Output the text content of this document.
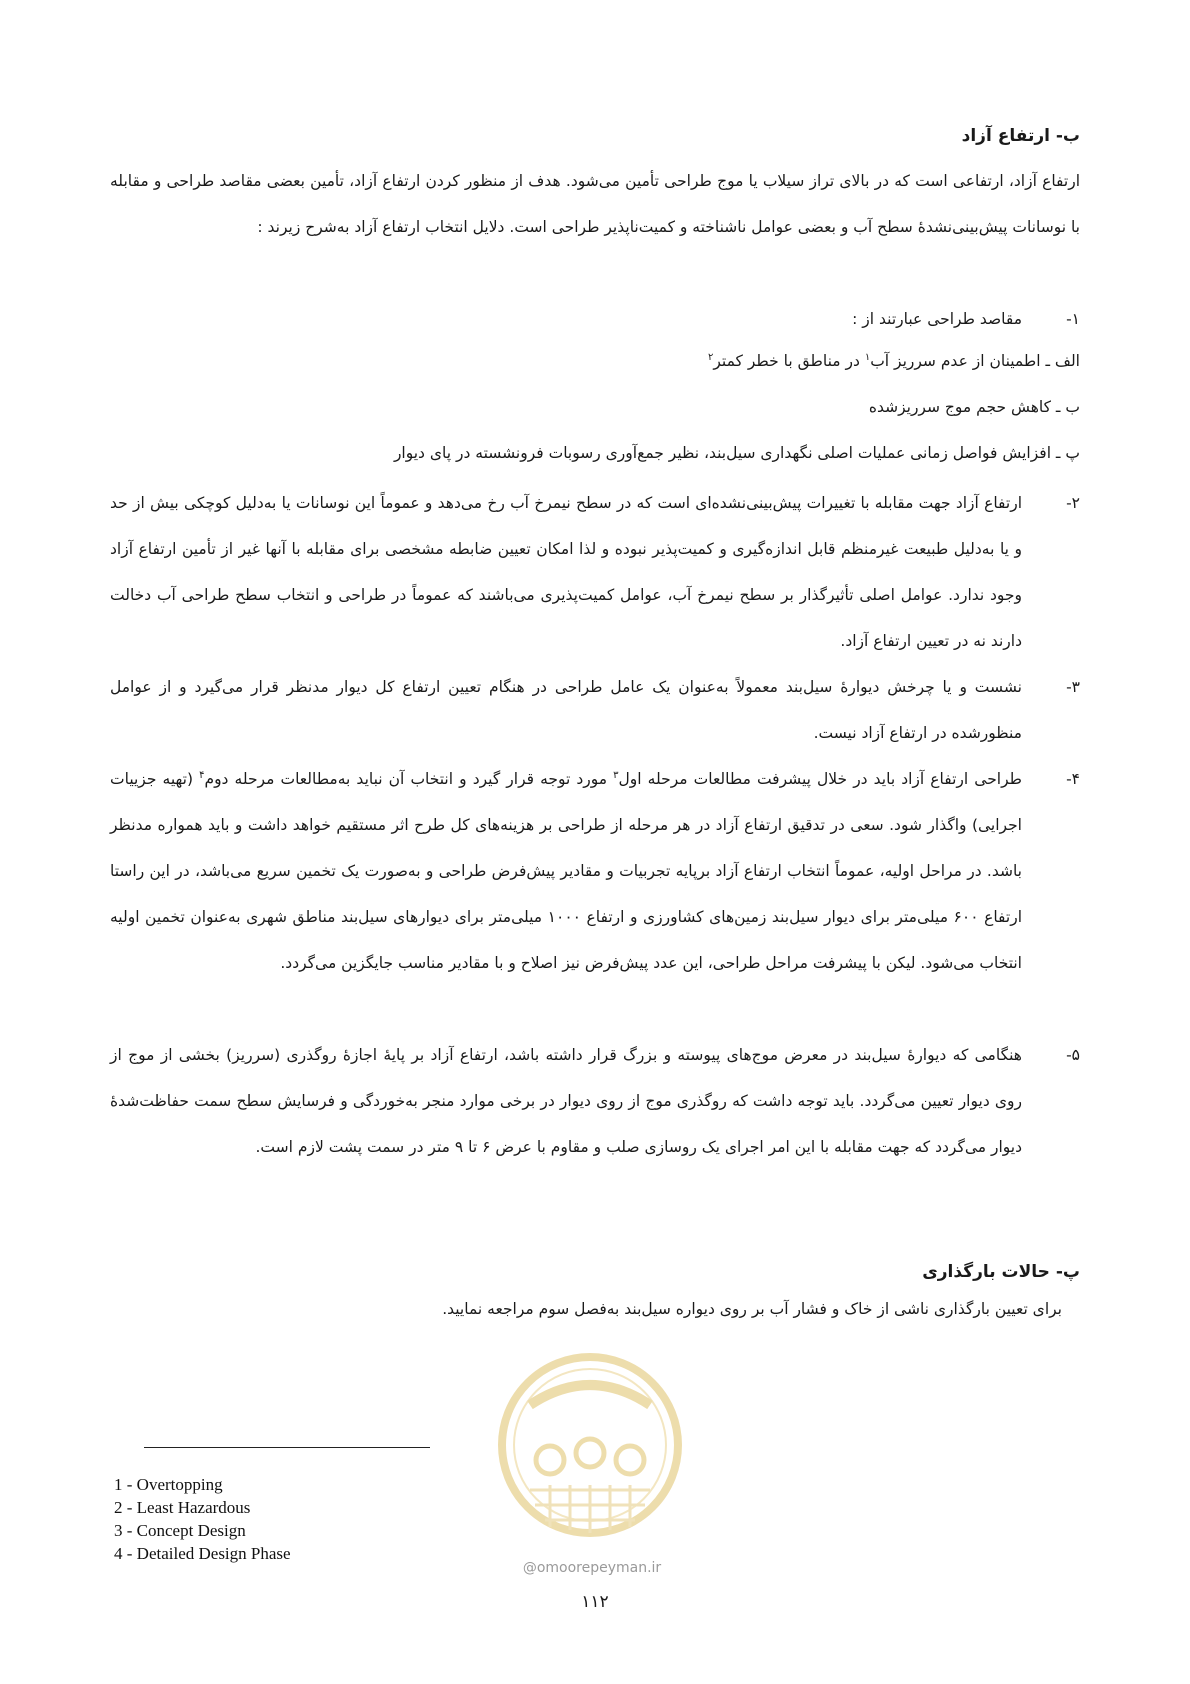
ب- ارتفاع آزاد
ارتفاع آزاد، ارتفاعی است که در بالای تراز سیلاب یا موج طراحی تأمین می‌شود. هدف از منظور کردن ارتفاع آزاد، تأمین بعضی مقاصد طراحی و مقابله با نوسانات پیش‌بینی‌نشدهٔ سطح آب و بعضی عوامل ناشناخته و کمیت‌ناپذیر طراحی است. دلایل انتخاب ارتفاع آزاد به‌شرح زیرند :
۱-
مقاصد طراحی عبارتند از :
الف ـ اطمینان از عدم سرریز آب$^۱$ در مناطق با خطر کمتر$^۲$
ب ـ کاهش حجم موج سرریزشده
پ ـ افزایش فواصل زمانی عملیات اصلی نگهداری سیل‌بند، نظیر جمع‌آوری رسوبات فرونشسته در پای دیوار
۲-
ارتفاع آزاد جهت مقابله با تغییرات پیش‌بینی‌نشده‌ای است که در سطح نیمرخ آب رخ می‌دهد و عموماً این نوسانات یا به‌دلیل کوچکی بیش از حد و یا به‌دلیل طبیعت غیرمنظم قابل اندازه‌گیری و کمیت‌پذیر نبوده و لذا امکان تعیین ضابطه مشخصی برای مقابله با آنها غیر از تأمین ارتفاع آزاد وجود ندارد. عوامل اصلی تأثیرگذار بر سطح نیمرخ آب، عوامل کمیت‌پذیری می‌باشند که عموماً در طراحی و انتخاب سطح طراحی آب دخالت دارند نه در تعیین ارتفاع آزاد.
۳-
نشست و یا چرخش دیوارهٔ سیل‌بند معمولاً به‌عنوان یک عامل طراحی در هنگام تعیین ارتفاع کل دیوار مدنظر قرار می‌گیرد و از عوامل منظورشده در ارتفاع آزاد نیست.
۴-
طراحی ارتفاع آزاد باید در خلال پیشرفت مطالعات مرحله اول$^۳$ مورد توجه قرار گیرد و انتخاب آن نباید به‌مطالعات مرحله دوم$^۴$ (تهیه جزییات اجرایی) واگذار شود. سعی در تدقیق ارتفاع آزاد در هر مرحله از طراحی بر هزینه‌های کل طرح اثر مستقیم خواهد داشت و باید همواره مدنظر باشد. در مراحل اولیه، عموماً انتخاب ارتفاع آزاد برپایه تجربیات و مقادیر پیش‌فرض طراحی و به‌صورت یک تخمین سریع می‌باشد، در این راستا ارتفاع ۶۰۰ میلی‌متر برای دیوار سیل‌بند زمین‌های کشاورزی و ارتفاع ۱۰۰۰ میلی‌متر برای دیوارهای سیل‌بند مناطق شهری به‌عنوان تخمین اولیه انتخاب می‌شود. لیکن با پیشرفت مراحل طراحی، این عدد پیش‌فرض نیز اصلاح و با مقادیر مناسب جایگزین می‌گردد.
۵-
هنگامی که دیوارهٔ سیل‌بند در معرض موج‌های پیوسته و بزرگ قرار داشته باشد، ارتفاع آزاد بر پایهٔ اجازهٔ روگذری (سرریز) بخشی از موج از روی دیوار تعیین می‌گردد. باید توجه داشت که روگذری موج از روی دیوار در برخی موارد منجر به‌خوردگی و فرسایش سطح سمت حفاظت‌شدهٔ دیوار می‌گردد که جهت مقابله با این امر اجرای یک روسازی صلب و مقاوم با عرض ۶ تا ۹ متر در سمت پشت لازم است.
پ- حالات بارگذاری
برای تعیین بارگذاری ناشی از خاک و فشار آب بر روی دیواره سیل‌بند به‌فصل سوم مراجعه نمایید.
@omoorepeyman.ir
1 - Overtopping
2 - Least Hazardous
3 - Concept Design
4 - Detailed Design Phase
۱۱۲
